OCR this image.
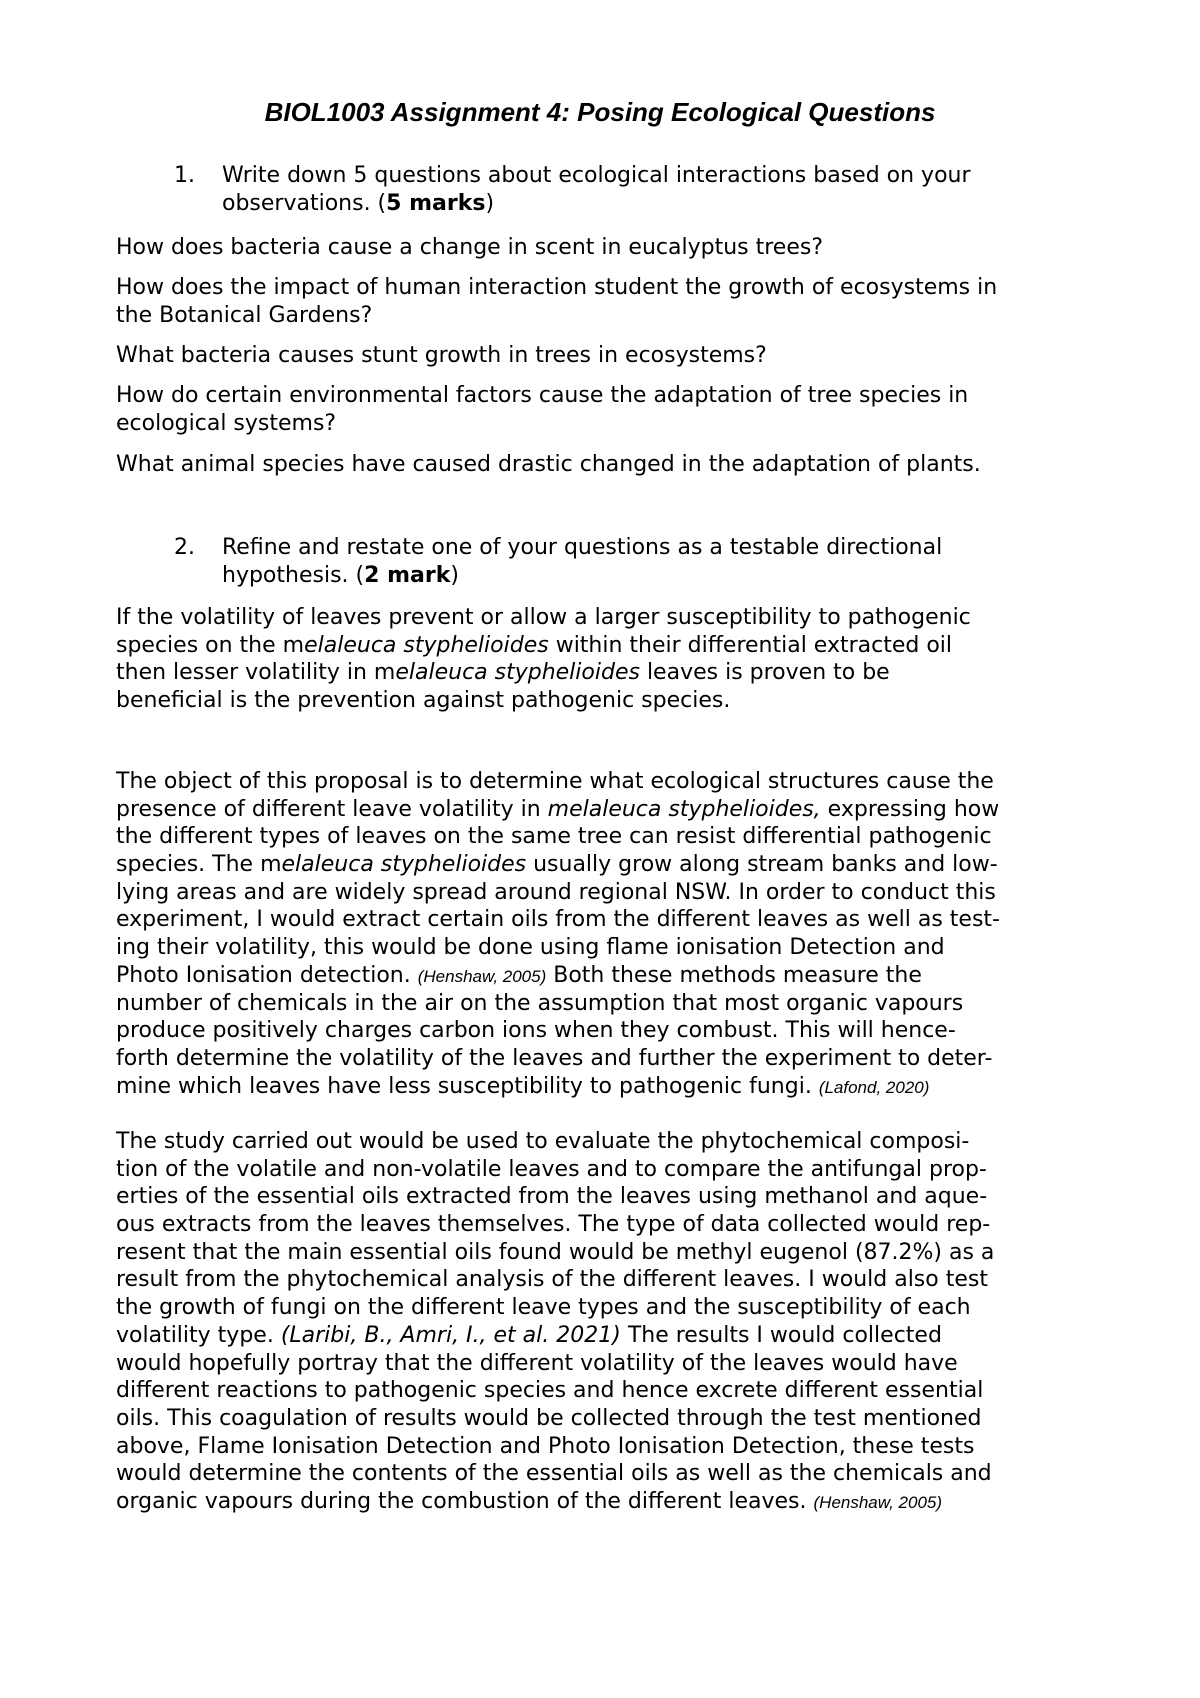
BIOL1003 Assignment 4: Posing Ecological Questions
1. Write down 5 questions about ecological interactions based on your
observations. (5 marks)
How does bacteria cause a change in scent in eucalyptus trees?
How does the impact of human interaction student the growth of ecosystems in
the Botanical Gardens?
What bacteria causes stunt growth in trees in ecosystems?
How do certain environmental factors cause the adaptation of tree species in
ecological systems?
What animal species have caused drastic changed in the adaptation of plants.
2. Refine and restate one of your questions as a testable directional
hypothesis. (2 mark)
If the volatility of leaves prevent or allow a larger susceptibility to pathogenic
species on the melaleuca styphelioides within their differential extracted oil
then lesser volatility in melaleuca styphelioides leaves is proven to be
beneficial is the prevention against pathogenic species.
The object of this proposal is to determine what ecological structures cause the
presence of different leave volatility in melaleuca styphelioides, expressing how
the different types of leaves on the same tree can resist differential pathogenic
species. The melaleuca styphelioides usually grow along stream banks and low-
lying areas and are widely spread around regional NSW. In order to conduct this
experiment, I would extract certain oils from the different leaves as well as test-
ing their volatility, this would be done using flame ionisation Detection and
Photo Ionisation detection. (Henshaw, 2005) Both these methods measure the
number of chemicals in the air on the assumption that most organic vapours
produce positively charges carbon ions when they combust. This will hence-
forth determine the volatility of the leaves and further the experiment to deter-
mine which leaves have less susceptibility to pathogenic fungi. (Lafond, 2020)
The study carried out would be used to evaluate the phytochemical composi-
tion of the volatile and non-volatile leaves and to compare the antifungal prop-
erties of the essential oils extracted from the leaves using methanol and aque-
ous extracts from the leaves themselves. The type of data collected would rep-
resent that the main essential oils found would be methyl eugenol (87.2%) as a
result from the phytochemical analysis of the different leaves. I would also test
the growth of fungi on the different leave types and the susceptibility of each
volatility type. (Laribi, B., Amri, I., et al. 2021) The results I would collected
would hopefully portray that the different volatility of the leaves would have
different reactions to pathogenic species and hence excrete different essential
oils. This coagulation of results would be collected through the test mentioned
above, Flame Ionisation Detection and Photo Ionisation Detection, these tests
would determine the contents of the essential oils as well as the chemicals and
organic vapours during the combustion of the different leaves. (Henshaw, 2005)
